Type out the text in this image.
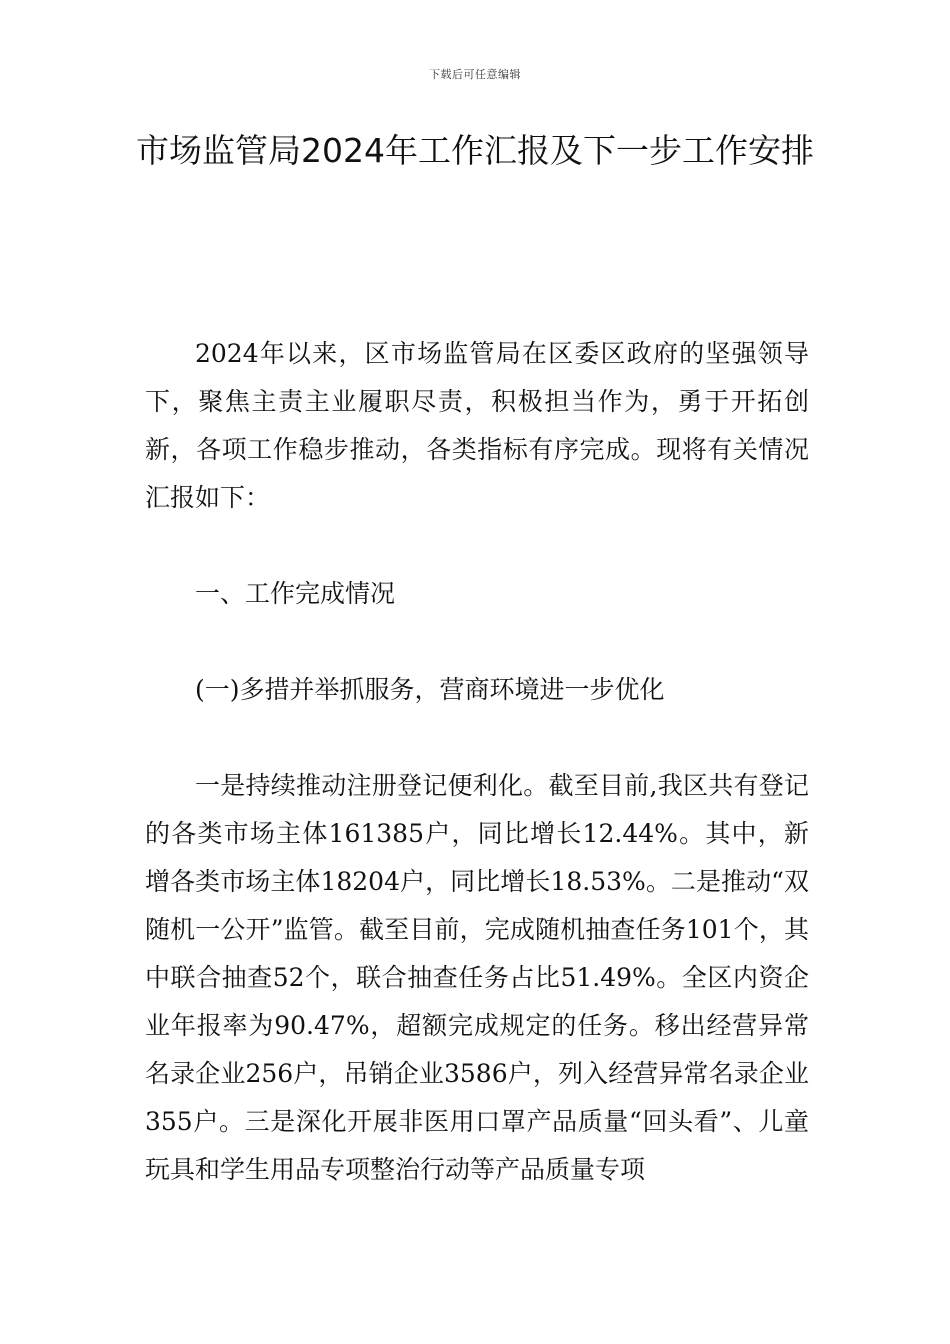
下载后可任意编辑
市场监管局2024年工作汇报及下一步工作安排

2024年以来，区市场监管局在区委区政府的坚强领导下，聚焦主责主业履职尽责，积极担当作为，勇于开拓创新，各项工作稳步推动，各类指标有序完成。现将有关情况汇报如下：

一、工作完成情况

(一)多措并举抓服务，营商环境进一步优化

一是持续推动注册登记便利化。截至目前,我区共有登记的各类市场主体161385户，同比增长12.44%。其中，新增各类市场主体18204户，同比增长18.53%。二是推动“双随机一公开”监管。截至目前，完成随机抽查任务101个，其中联合抽查52个，联合抽查任务占比51.49%。全区内资企业年报率为90.47%，超额完成规定的任务。移出经营异常名录企业256户，吊销企业3586户，列入经营异常名录企业355户。三是深化开展非医用口罩产品质量“回头看”、儿童玩具和学生用品专项整治行动等产品质量专项
